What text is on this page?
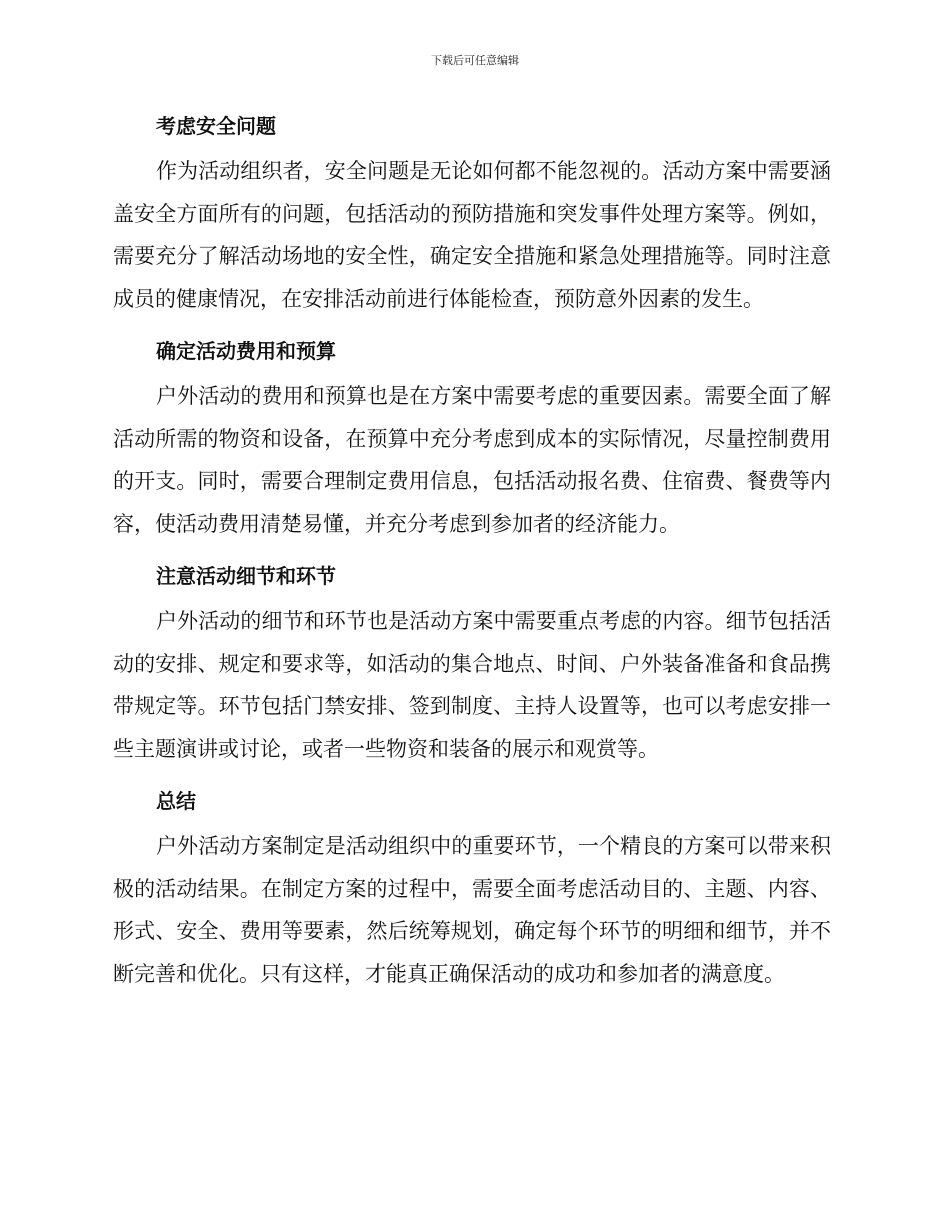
下载后可任意编辑
考虑安全问题

作为活动组织者，安全问题是无论如何都不能忽视的。活动方案中需要涵盖安全方面所有的问题，包括活动的预防措施和突发事件处理方案等。例如，需要充分了解活动场地的安全性，确定安全措施和紧急处理措施等。同时注意成员的健康情况，在安排活动前进行体能检查，预防意外因素的发生。

确定活动费用和预算

户外活动的费用和预算也是在方案中需要考虑的重要因素。需要全面了解活动所需的物资和设备，在预算中充分考虑到成本的实际情况，尽量控制费用的开支。同时，需要合理制定费用信息，包括活动报名费、住宿费、餐费等内容，使活动费用清楚易懂，并充分考虑到参加者的经济能力。

注意活动细节和环节

户外活动的细节和环节也是活动方案中需要重点考虑的内容。细节包括活动的安排、规定和要求等，如活动的集合地点、时间、户外装备准备和食品携带规定等。环节包括门禁安排、签到制度、主持人设置等，也可以考虑安排一些主题演讲或讨论，或者一些物资和装备的展示和观赏等。

总结

户外活动方案制定是活动组织中的重要环节，一个精良的方案可以带来积极的活动结果。在制定方案的过程中，需要全面考虑活动目的、主题、内容、形式、安全、费用等要素，然后统筹规划，确定每个环节的明细和细节，并不断完善和优化。只有这样，才能真正确保活动的成功和参加者的满意度。
